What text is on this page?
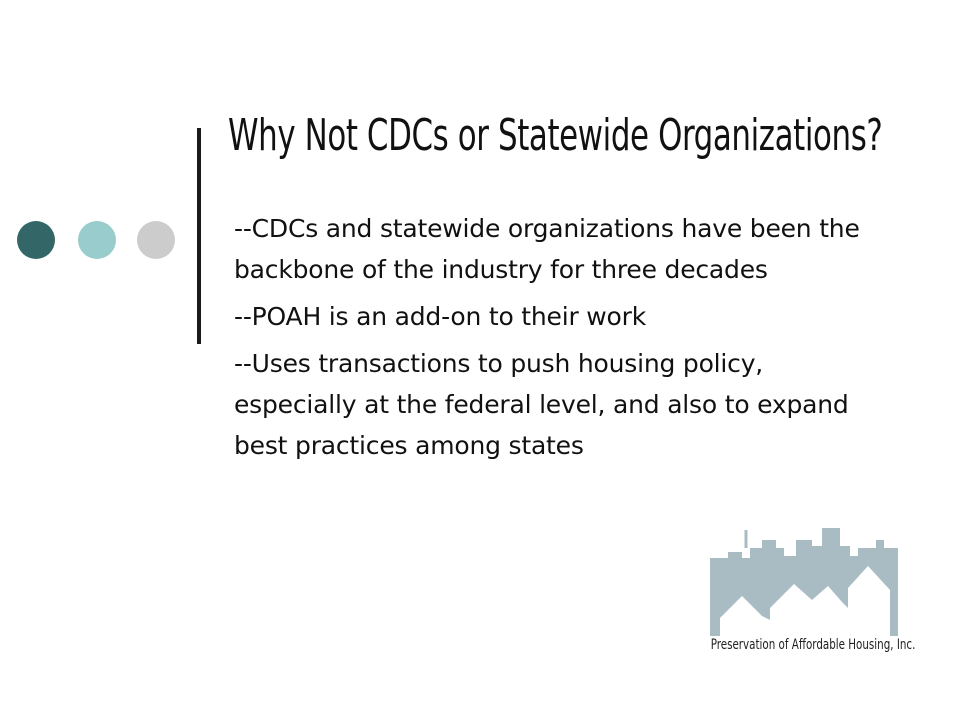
Why Not CDCs or Statewide Organizations?
--CDCs and statewide organizations have been the backbone of the industry for three decades
--POAH is an add-on to their work
--Uses transactions to push housing policy, especially at the federal level, and also to expand best practices among states
Preservation of Affordable Housing, Inc.
